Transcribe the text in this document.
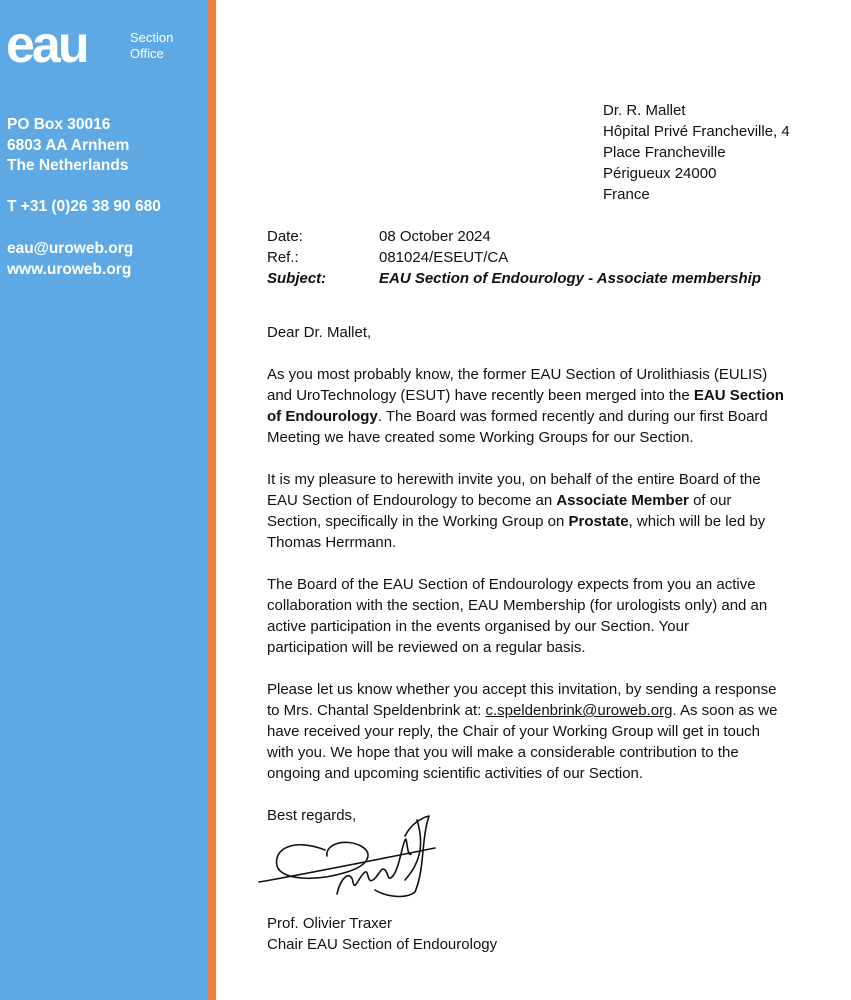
eau	Section
Office
PO Box 30016
6803 AA Arnhem
The Netherlands
T +31 (0)26 38 90 680
eau@uroweb.org
www.uroweb.org
Dr. R. Mallet
Hôpital Privé Francheville, 4
Place Francheville
Périgueux 24000
France
Date:	08 October 2024
Ref.:	081024/ESEUT/CA
Subject:	EAU Section of Endourology - Associate membership

Dear Dr. Mallet,

As you most probably know, the former EAU Section of Urolithiasis (EULIS)

and UroTechnology (ESUT) have recently been merged into the EAU Section

of Endourology. The Board was formed recently and during our first Board

Meeting we have created some Working Groups for our Section.

It is my pleasure to herewith invite you, on behalf of the entire Board of the

EAU Section of Endourology to become an Associate Member of our

Section, specifically in the Working Group on Prostate, which will be led by

Thomas Herrmann.

The Board of the EAU Section of Endourology expects from you an active

collaboration with the section, EAU Membership (for urologists only) and an

active participation in the events organised by our Section. Your

participation will be reviewed on a regular basis.

Please let us know whether you accept this invitation, by sending a response

to Mrs. Chantal Speldenbrink at: c.speldenbrink@uroweb.org. As soon as we

have received your reply, the Chair of your Working Group will get in touch

with you. We hope that you will make a considerable contribution to the

ongoing and upcoming scientific activities of our Section.

Best regards,

Prof. Olivier Traxer
Chair EAU Section of Endourology
